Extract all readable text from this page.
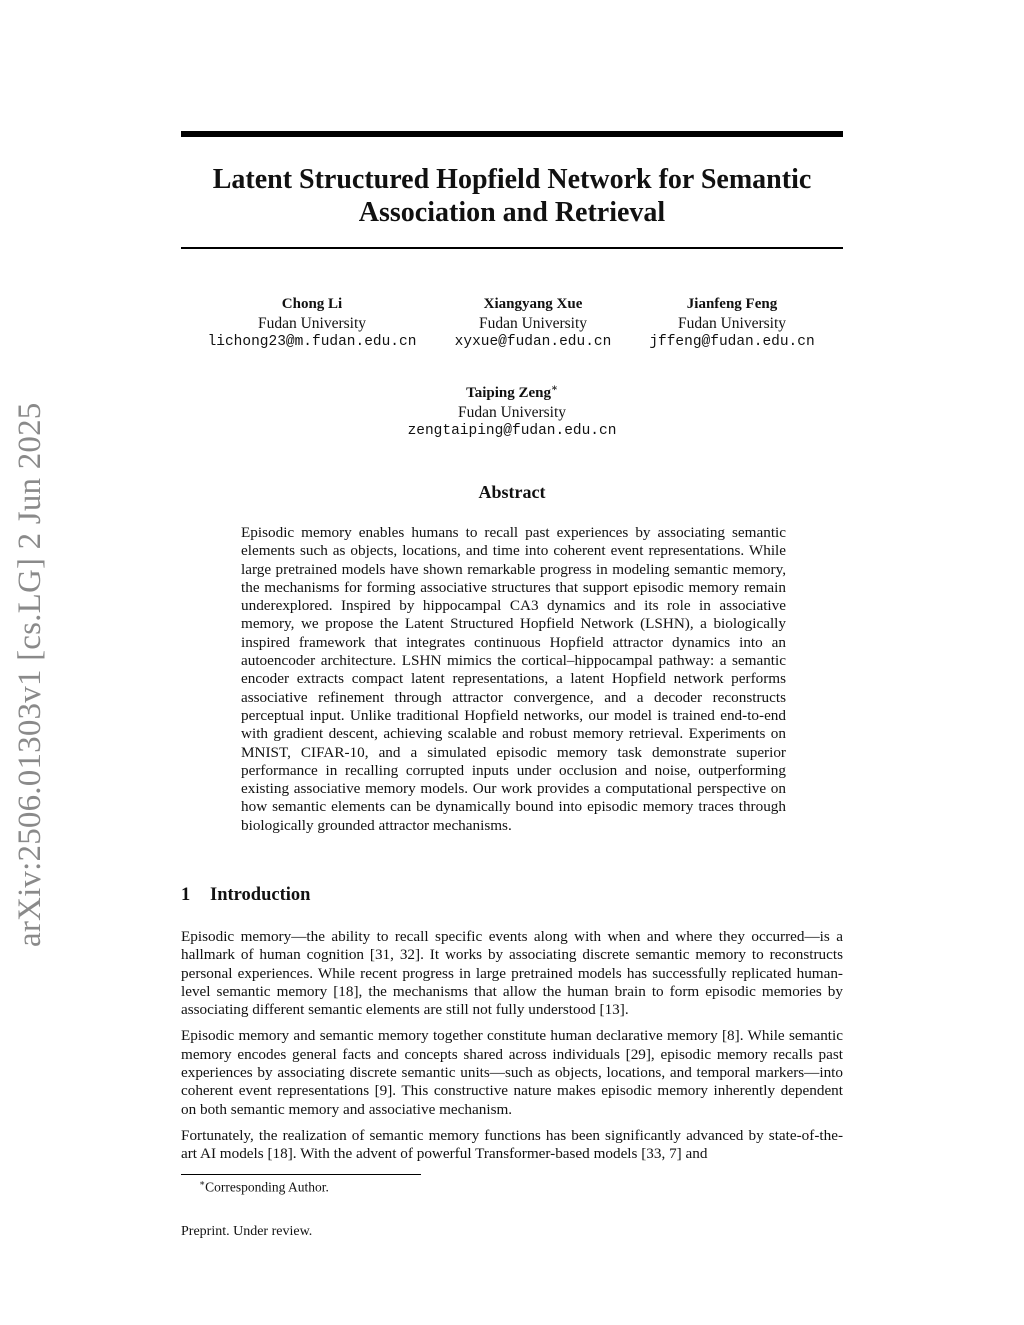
arXiv:2506.01303v1 [cs.LG] 2 Jun 2025
Latent Structured Hopfield Network for Semantic Association and Retrieval
Chong Li
Fudan University
lichong23@m.fudan.edu.cn
Xiangyang Xue
Fudan University
xyxue@fudan.edu.cn
Jianfeng Feng
Fudan University
jffeng@fudan.edu.cn
Taiping Zeng∗
Fudan University
zengtaiping@fudan.edu.cn
Abstract
Episodic memory enables humans to recall past experiences by associating semantic elements such as objects, locations, and time into coherent event representations. While large pretrained models have shown remarkable progress in modeling semantic memory, the mechanisms for forming associative structures that support episodic memory remain underexplored. Inspired by hippocampal CA3 dynamics and its role in associative memory, we propose the Latent Structured Hopfield Network (LSHN), a biologically inspired framework that integrates continuous Hopfield attractor dynamics into an autoencoder architecture. LSHN mimics the cortical–hippocampal pathway: a semantic encoder extracts compact latent representations, a latent Hopfield network performs associative refinement through attractor convergence, and a decoder reconstructs perceptual input. Unlike traditional Hopfield networks, our model is trained end-to-end with gradient descent, achieving scalable and robust memory retrieval. Experiments on MNIST, CIFAR-10, and a simulated episodic memory task demonstrate superior performance in recalling corrupted inputs under occlusion and noise, outperforming existing associative memory models. Our work provides a computational perspective on how semantic elements can be dynamically bound into episodic memory traces through biologically grounded attractor mechanisms.
1 Introduction

Episodic memory—the ability to recall specific events along with when and where they occurred—is a hallmark of human cognition [31, 32]. It works by associating discrete semantic memory to reconstructs personal experiences. While recent progress in large pretrained models has successfully replicated human-level semantic memory [18], the mechanisms that allow the human brain to form episodic memories by associating different semantic elements are still not fully understood [13].

Episodic memory and semantic memory together constitute human declarative memory [8]. While semantic memory encodes general facts and concepts shared across individuals [29], episodic memory recalls past experiences by associating discrete semantic units—such as objects, locations, and temporal markers—into coherent event representations [9]. This constructive nature makes episodic memory inherently dependent on both semantic memory and associative mechanism.

Fortunately, the realization of semantic memory functions has been significantly advanced by state-of-the-art AI models [18]. With the advent of powerful Transformer-based models [33, 7] and

∗Corresponding Author.
Preprint. Under review.
